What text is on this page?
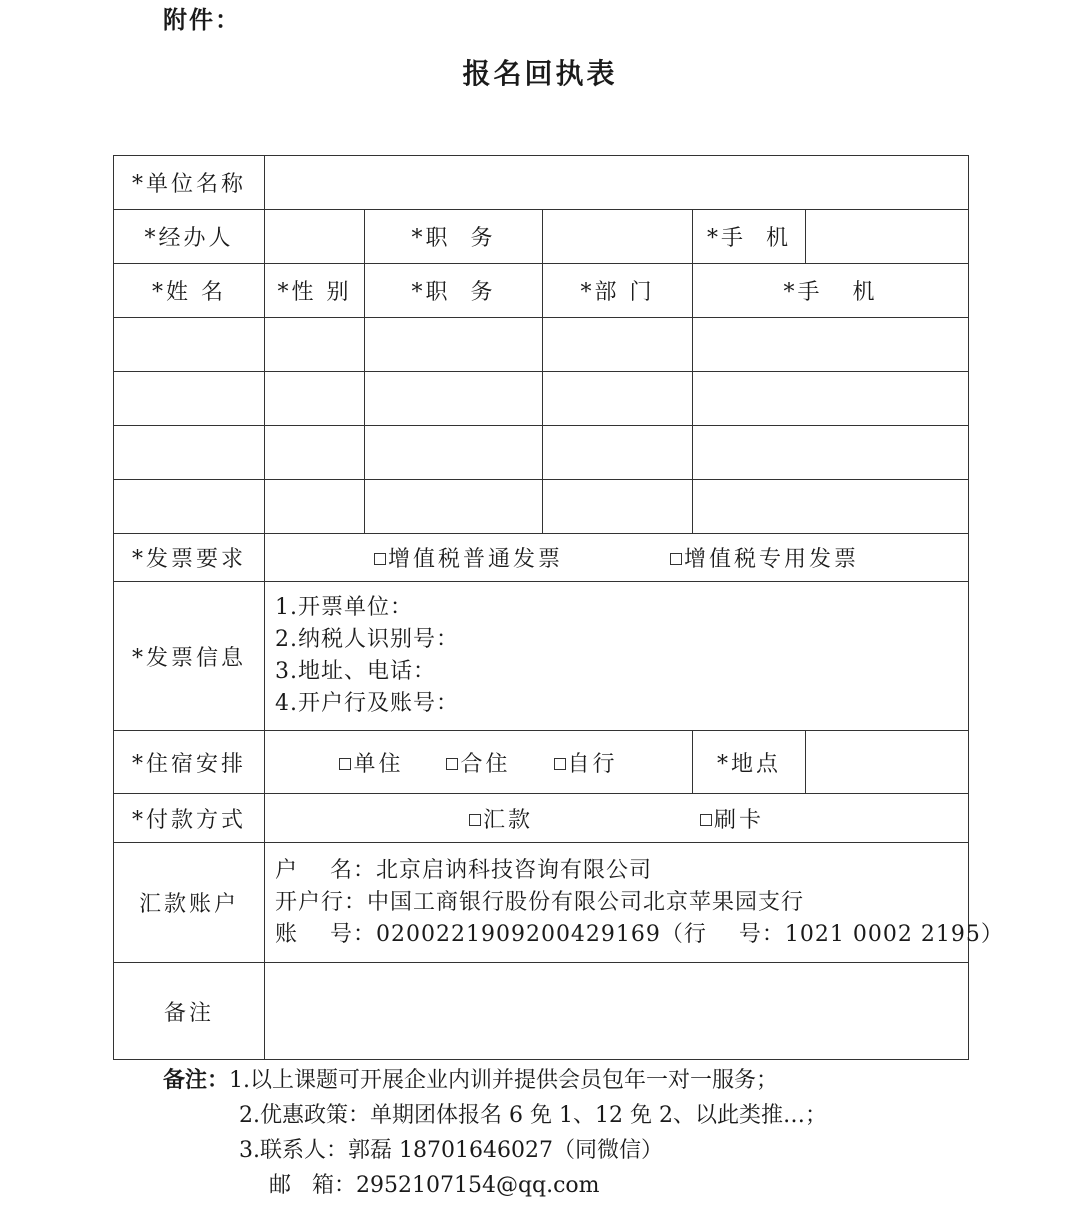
附件：
报名回执表
*单位名称					
*经办人		*职  务		*手  机	
*姓 名	*性 别	*职  务	*部 门	*手   机	

*发票要求	增值税普通发票 增值税专用发票				
*发票信息	1.开票单位：
2.纳税人识别号：
3.地址、电话：
4.开户行及账号：				

*住宿安排	单住 合住 自行			*地点	
*付款方式	汇款 刷卡				
汇款账户	户    名：北京启讷科技咨询有限公司
开户行：中国工商银行股份有限公司北京苹果园支行
账    号：0200221909200429169（行    号：1021 0002 2195）				

备注					
备注：1.以上课题可开展企业内训并提供会员包年一对一服务；
2.优惠政策：单期团体报名 6 免 1、12 免 2、以此类推…；
3.联系人：郭磊 18701646027（同微信）
邮   箱：2952107154@qq.com
